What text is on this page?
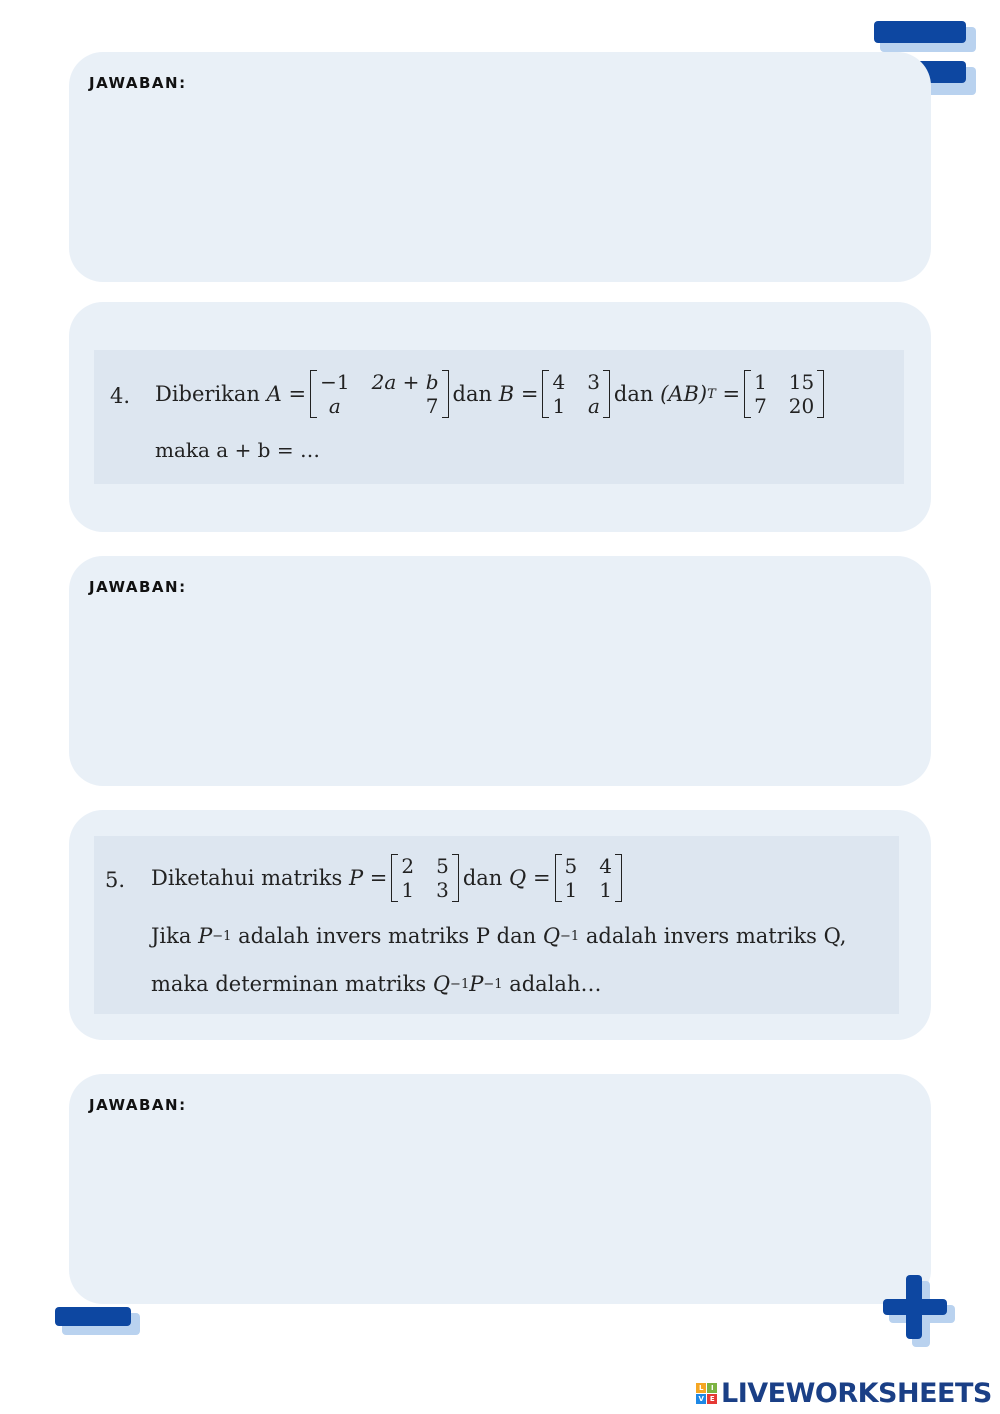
JAWABAN:
4. Diberikan
A
= −1 2a + b
a	7 dan
B
= 4 3
1 a dan
(AB) T
= 1 15
7 20
maka a + b = …
JAWABAN:
5. Diketahui matriks
P
= 2 5
1 3 dan
Q
= 5 4
1 1
Jika
P −1
adalah invers matriks P dan
Q −1
adalah invers matriks Q,
maka determinan matriks
Q −1 P −1
adalah…
JAWABAN:
L	I
V E LIVEWORKSHEETS
